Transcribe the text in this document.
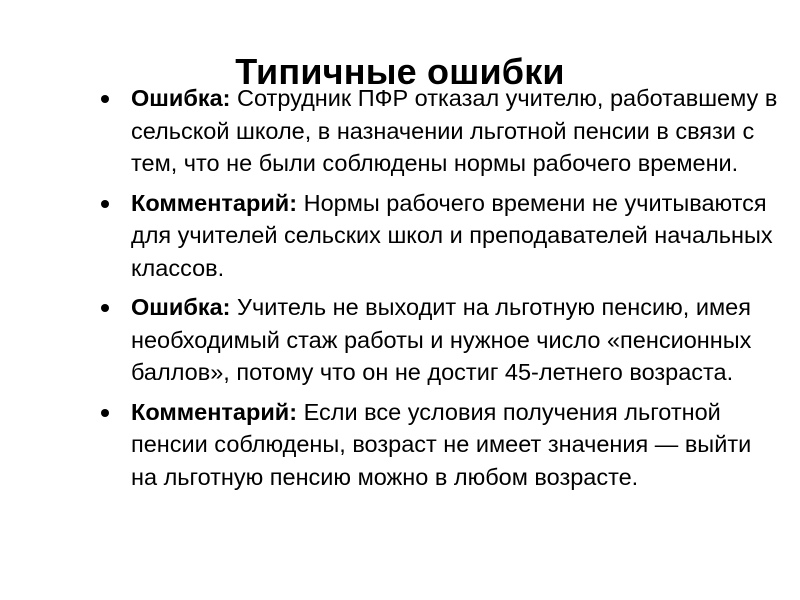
Типичные ошибки
Ошибка: Сотрудник ПФР отказал учителю, работавшему в сельской школе, в назначении льготной пенсии в связи с тем, что не были соблюдены нормы рабочего времени.
Комментарий: Нормы рабочего времени не учитываются для учителей сельских школ и преподавателей начальных классов.
Ошибка: Учитель не выходит на льготную пенсию, имея необходимый стаж работы и нужное число «пенсионных баллов», потому что он не достиг 45-летнего возраста.
Комментарий: Если все условия получения льготной пенсии соблюдены, возраст не имеет значения — выйти на льготную пенсию можно в любом возрасте.
